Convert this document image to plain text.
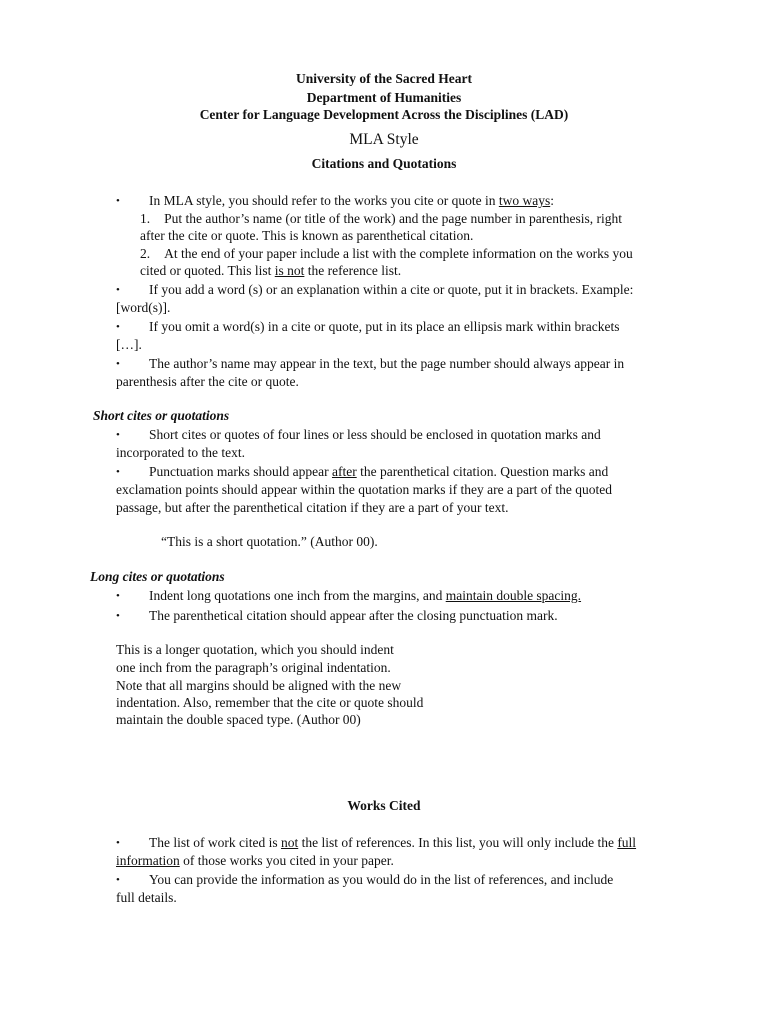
University of the Sacred Heart
Department of Humanities
Center for Language Development Across the Disciplines (LAD)
MLA Style
Citations and Quotations
• In MLA style, you should refer to the works you cite or quote in two ways:
1. Put the author’s name (or title of the work) and the page number in parenthesis, right
after the cite or quote. This is known as parenthetical citation.
2. At the end of your paper include a list with the complete information on the works you
cited or quoted. This list is not the reference list.
• If you add a word (s) or an explanation within a cite or quote, put it in brackets. Example:
[word(s)].
• If you omit a word(s) in a cite or quote, put in its place an ellipsis mark within brackets
[…].
• The author’s name may appear in the text, but the page number should always appear in
parenthesis after the cite or quote.
Short cites or quotations
• Short cites or quotes of four lines or less should be enclosed in quotation marks and
incorporated to the text.
• Punctuation marks should appear after the parenthetical citation. Question marks and
exclamation points should appear within the quotation marks if they are a part of the quoted
passage, but after the parenthetical citation if they are a part of your text.
“This is a short quotation.” (Author 00).
Long cites or quotations
• Indent long quotations one inch from the margins, and maintain double spacing.
• The parenthetical citation should appear after the closing punctuation mark.
This is a longer quotation, which you should indent
one inch from the paragraph’s original indentation.
Note that all margins should be aligned with the new
indentation. Also, remember that the cite or quote should
maintain the double spaced type. (Author 00)
Works Cited
• The list of work cited is not the list of references. In this list, you will only include the full
information of those works you cited in your paper.
• You can provide the information as you would do in the list of references, and include
full details.
